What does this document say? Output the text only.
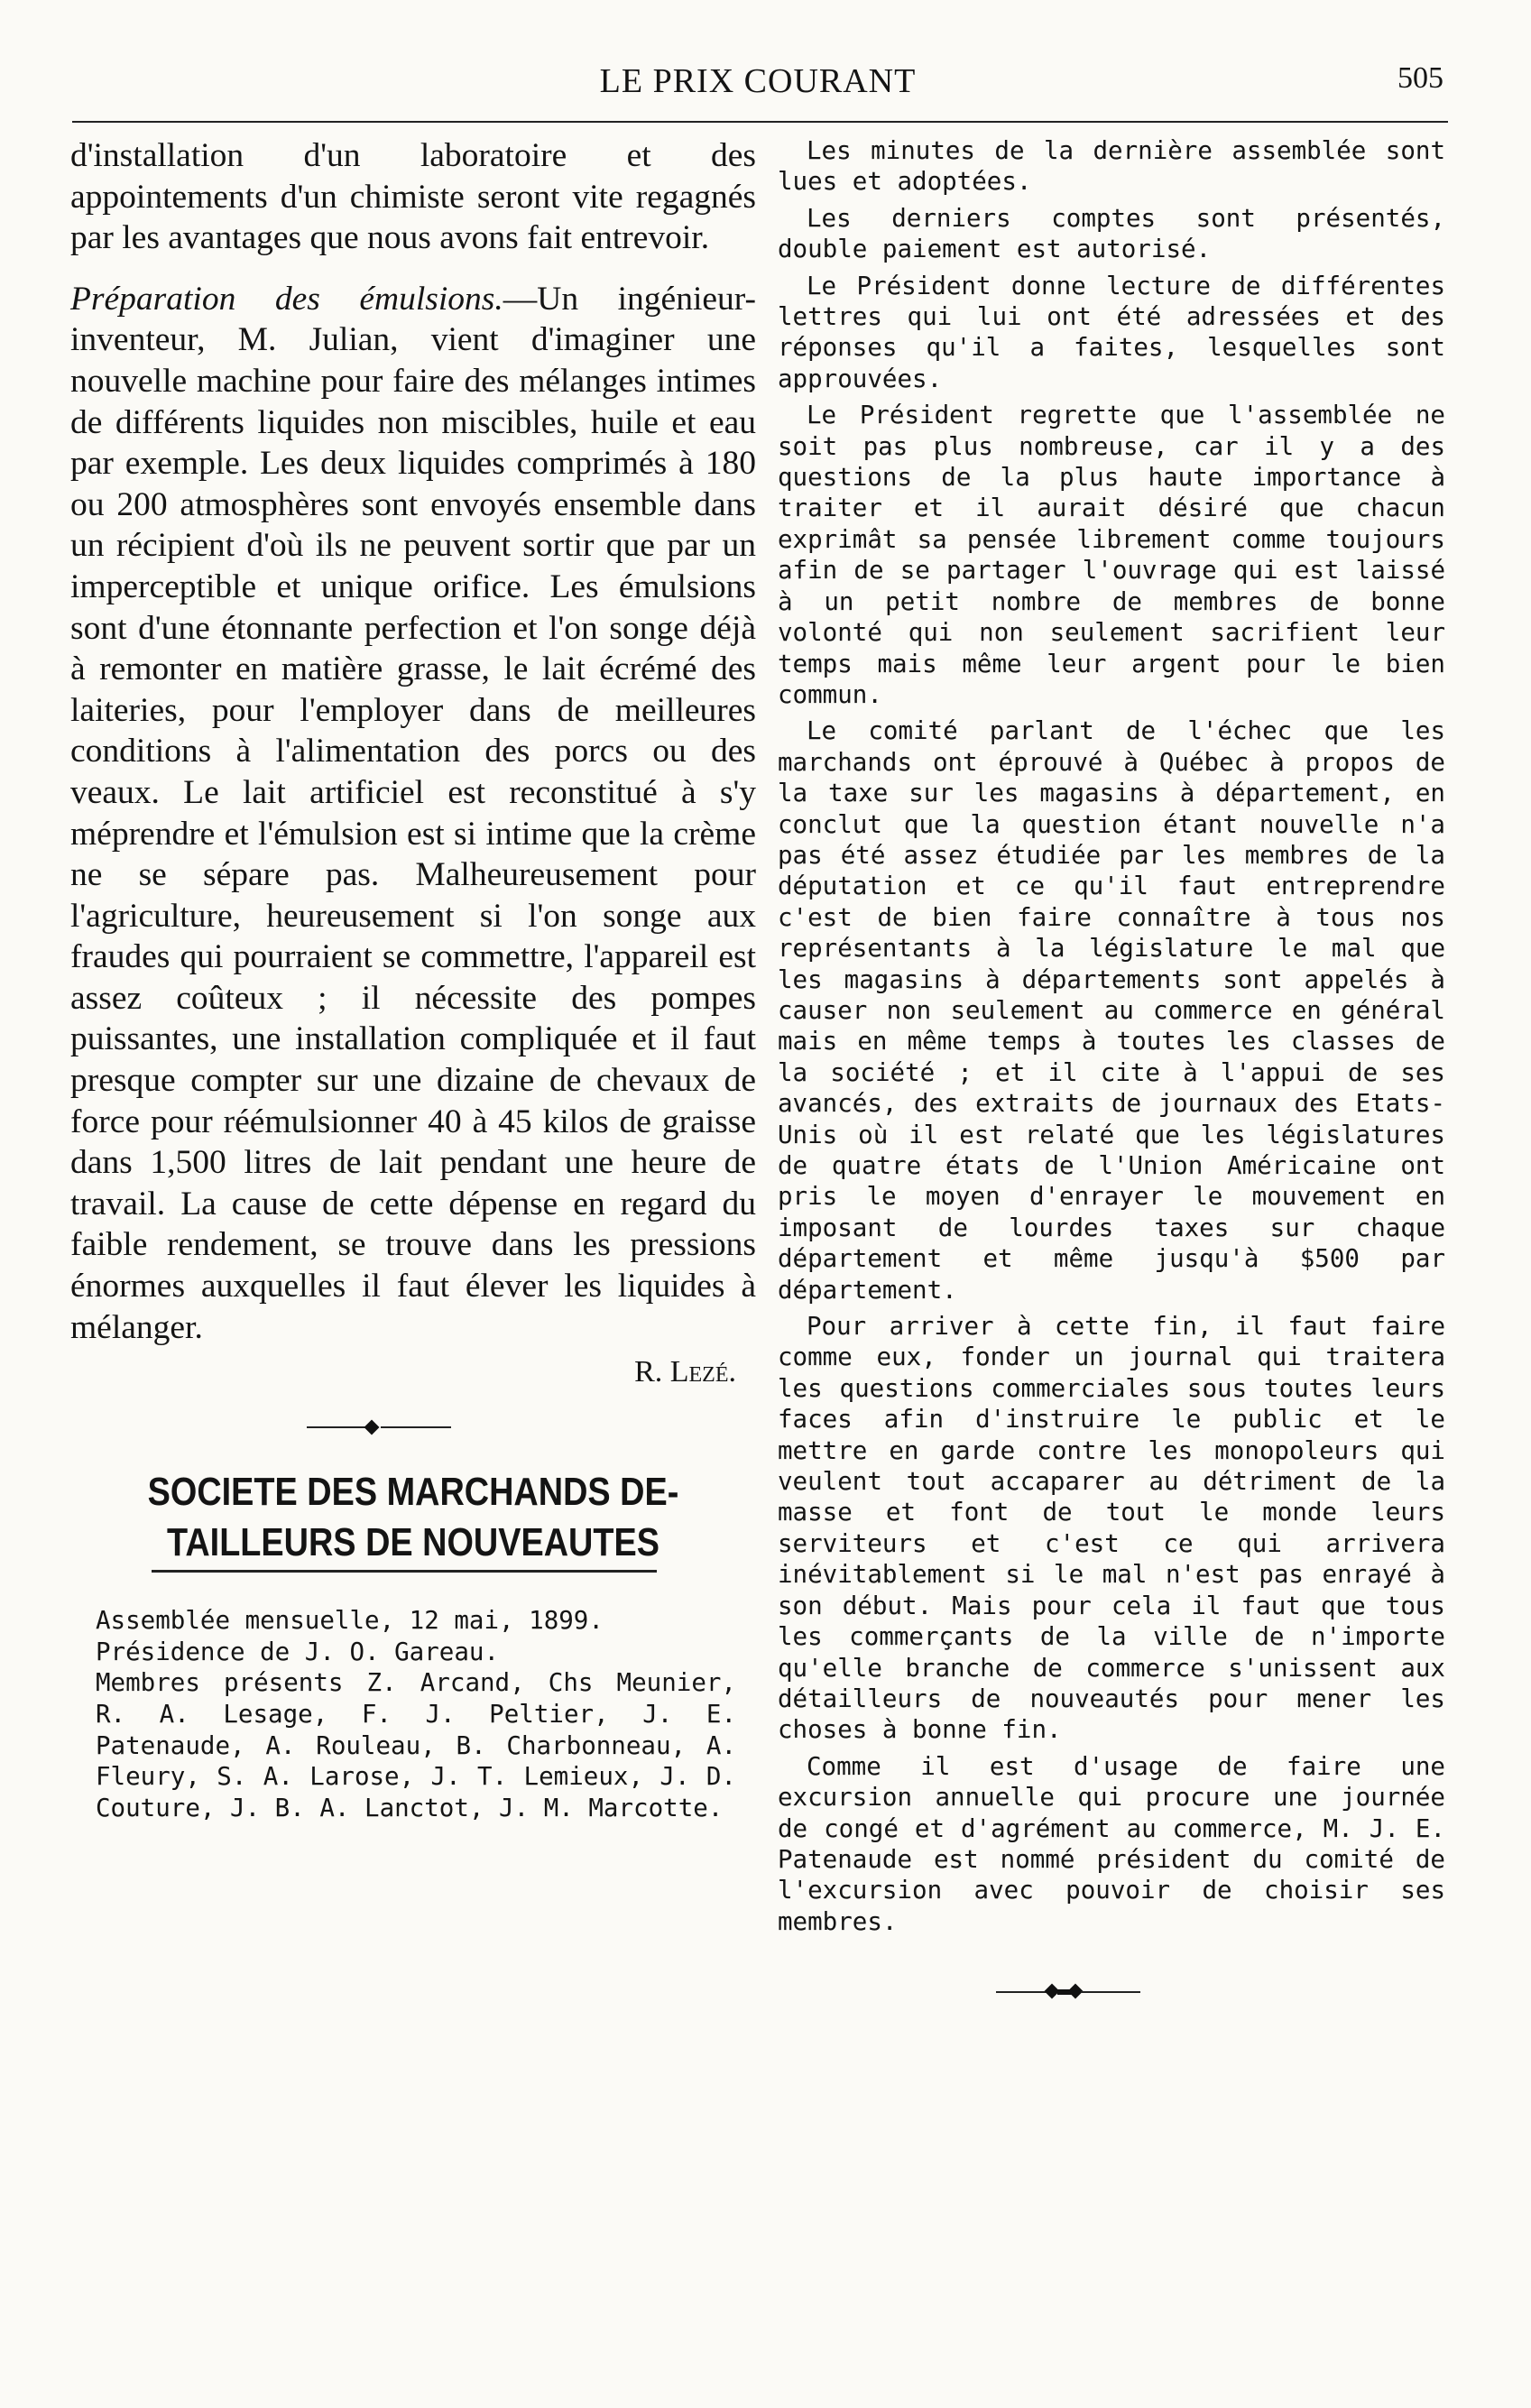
LE PRIX COURANT	505

d'installation d'un laboratoire et des appointements d'un chimiste seront vite regagnés par les avantages que nous avons fait entrevoir.

Préparation des émulsions.—Un ingénieur-inventeur, M. Julian, vient d'imaginer une nouvelle machine pour faire des mélanges intimes de différents liquides non miscibles, huile et eau par exemple. Les deux liquides comprimés à 180 ou 200 atmosphères sont envoyés ensemble dans un récipient d'où ils ne peuvent sortir que par un imperceptible et unique orifice. Les émulsions sont d'une étonnante perfection et l'on songe déjà à remonter en matière grasse, le lait écrémé des laiteries, pour l'employer dans de meilleures conditions à l'alimentation des porcs ou des veaux. Le lait artificiel est reconstitué à s'y méprendre et l'émulsion est si intime que la crème ne se sépare pas. Malheureusement pour l'agriculture, heureusement si l'on songe aux fraudes qui pourraient se commettre, l'appareil est assez coûteux ; il nécessite des pompes puissantes, une installation compliquée et il faut presque compter sur une dizaine de chevaux de force pour réémulsionner 40 à 45 kilos de graisse dans 1,500 litres de lait pendant une heure de travail. La cause de cette dépense en regard du faible rendement, se trouve dans les pressions énormes auxquelles il faut élever les liquides à mélanger.

R. Lezé.
SOCIETE DES MARCHANDS DE-
TAILLEURS DE NOUVEAUTES
Assemblée mensuelle, 12 mai, 1899.
Présidence de J. O. Gareau.
Membres présents Z. Arcand, Chs Meunier, R. A. Lesage, F. J. Peltier, J. E. Patenaude, A. Rouleau, B. Charbonneau, A. Fleury, S. A. Larose, J. T. Lemieux, J. D. Couture, J. B. A. Lanctot, J. M. Marcotte.

Les minutes de la dernière assemblée sont lues et adoptées.

Les derniers comptes sont présentés, double paiement est autorisé.

Le Président donne lecture de différentes lettres qui lui ont été adressées et des réponses qu'il a faites, lesquelles sont approuvées.

Le Président regrette que l'assemblée ne soit pas plus nombreuse, car il y a des questions de la plus haute importance à traiter et il aurait désiré que chacun exprimât sa pensée librement comme toujours afin de se partager l'ouvrage qui est laissé à un petit nombre de membres de bonne volonté qui non seulement sacrifient leur temps mais même leur argent pour le bien commun.

Le comité parlant de l'échec que les marchands ont éprouvé à Québec à propos de la taxe sur les magasins à département, en conclut que la question étant nouvelle n'a pas été assez étudiée par les membres de la députation et ce qu'il faut entreprendre c'est de bien faire connaître à tous nos représentants à la législature le mal que les magasins à départements sont appelés à causer non seulement au commerce en général mais en même temps à toutes les classes de la société ; et il cite à l'appui de ses avancés, des extraits de journaux des Etats-Unis où il est relaté que les législatures de quatre états de l'Union Américaine ont pris le moyen d'enrayer le mouvement en imposant de lourdes taxes sur chaque département et même jusqu'à $500 par département.

Pour arriver à cette fin, il faut faire comme eux, fonder un journal qui traitera les questions commerciales sous toutes leurs faces afin d'instruire le public et le mettre en garde contre les monopoleurs qui veulent tout accaparer au détriment de la masse et font de tout le monde leurs serviteurs et c'est ce qui arrivera inévitablement si le mal n'est pas enrayé à son début. Mais pour cela il faut que tous les commerçants de la ville de n'importe qu'elle branche de commerce s'unissent aux détailleurs de nouveautés pour mener les choses à bonne fin.

Comme il est d'usage de faire une excursion annuelle qui procure une journée de congé et d'agrément au commerce, M. J. E. Patenaude est nommé président du comité de l'excursion avec pouvoir de choisir ses membres.
